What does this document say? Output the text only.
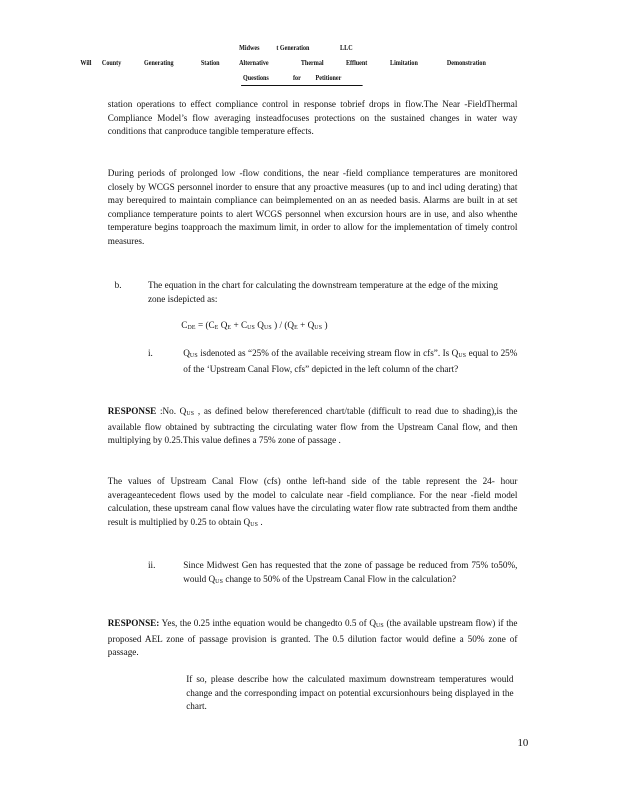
Midwes t Generation	LLC
Will County	Generating	Station	Alternative	Thermal	Effluent	Limitation	Demonstration
Questions	for Petitioner

station operations to effect compliance control in response tobrief drops in flow.The Near -FieldThermal Compliance Model’s flow averaging insteadfocuses protections on the sustained changes in water way conditions that canproduce tangible temperature effects.

During periods of prolonged low -flow conditions, the near -field compliance temperatures are monitored closely by WCGS personnel inorder to ensure that any proactive measures (up to and incl uding derating) that may berequired to maintain compliance can beimplemented on an as needed basis. Alarms are built in at set compliance temperature points to alert WCGS personnel when excursion hours are in use, and also whenthe temperature begins toapproach the maximum limit, in order to allow for the implementation of timely control measures.

b.	The equation in the chart for calculating the downstream temperature at the edge of the mixing zone isdepicted as:

CDE = (CE QE + CUS QUS ) / (QE + QUS )
i.	QUS isdenoted as “25% of the available receiving stream flow in cfs”. Is QUS equal to 25% of the ‘Upstream Canal Flow, cfs” depicted in the left column of the chart?

RESPONSE :No. QUS , as defined below thereferenced chart/table (difficult to read due to shading),is the available flow obtained by subtracting the circulating water flow from the Upstream Canal flow, and then multiplying by 0.25.This value defines a 75% zone of passage .

The values of Upstream Canal Flow (cfs) onthe left-hand side of the table represent the 24- hour averageantecedent flows used by the model to calculate near -field compliance. For the near -field model calculation, these upstream canal flow values have the circulating water flow rate subtracted from them andthe result is multiplied by 0.25 to obtain QUS .

ii.	Since Midwest Gen has requested that the zone of passage be reduced from 75% to50%, would QUS change to 50% of the Upstream Canal Flow in the calculation?

RESPONSE: Yes, the 0.25 inthe equation would be changedto 0.5 of QUS (the available upstream flow) if the proposed AEL zone of passage provision is granted. The 0.5 dilution factor would define a 50% zone of passage.

If so, please describe how the calculated maximum downstream temperatures would change and the corresponding impact on potential excursionhours being displayed in the chart.

10
